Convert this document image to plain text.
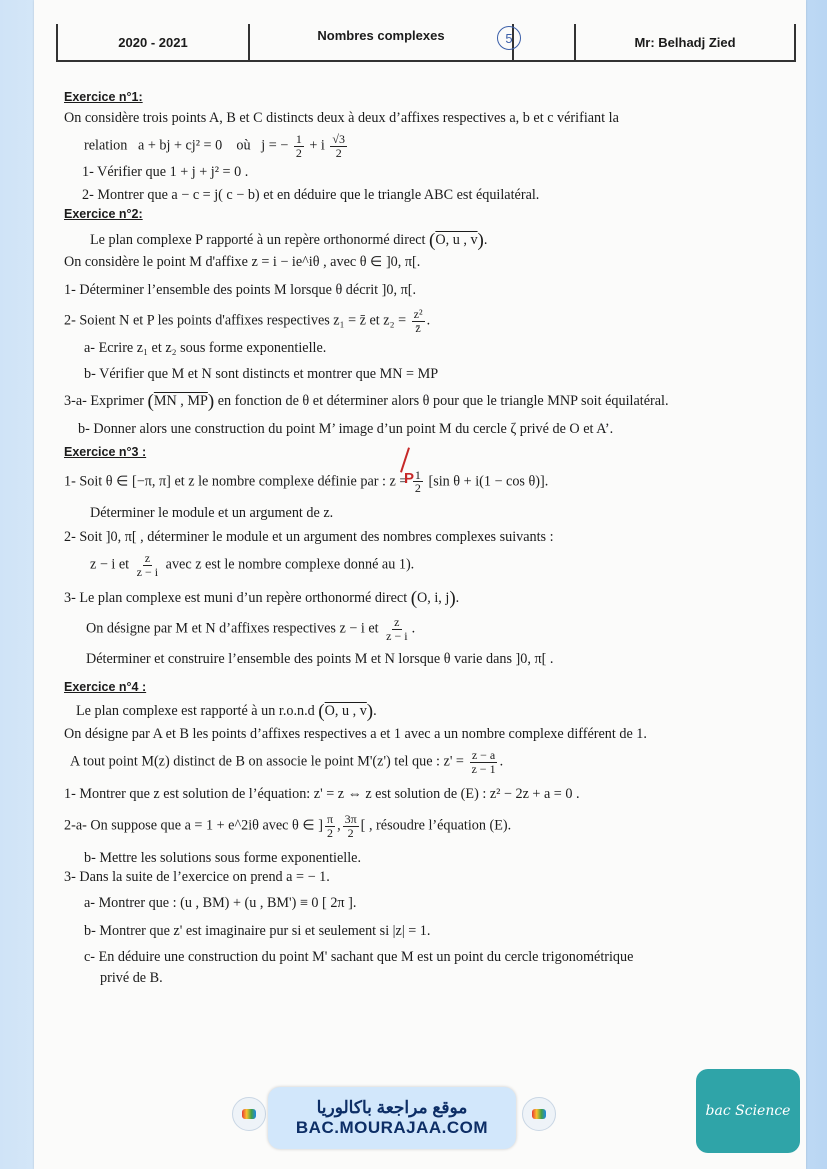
2020 - 2021	Nombres complexes	Mr: Belhadj Zied
5

Exercice n°1:

On considère trois points A, B et C distincts deux à deux d’affixes respectives a, b et c vérifiant la

relation a + bj + cj² = 0 où j = − $\frac{1}{2} + i \frac{√3}{2}$

1- Vérifier que 1 + j + j² = 0 .

2- Montrer que a − c = j( c − b) et en déduire que le triangle ABC est équilatéral.

Exercice n°2:

Le plan complexe P rapporté à un repère orthonormé direct (O, u , v).

On considère le point M d'affixe z = i − ie^iθ , avec θ ∈ ]0, π[.

1- Déterminer l’ensemble des points M lorsque θ décrit ]0, π[.

2- Soient N et P les points d'affixes respectives z₁ = z̄ et $z_2 = \frac{\text{z²}}{z̄}$ .

a- Ecrire z₁ et z₂ sous forme exponentielle.

b- Vérifier que M et N sont distincts et montrer que MN = MP

3-a- Exprimer (MN , MP) en fonction de θ et déterminer alors θ pour que le triangle MNP soit équilatéral.

b- Donner alors une construction du point M’ image d’un point M du cercle ζ privé de O et A’.

Exercice n°3 :

1- Soit θ ∈ [−π, π] et z le nombre complexe définie par : $z = \frac{1}{2} [\sin$ θ + i(1 − cos θ)].

Déterminer le module et un argument de z.

2- Soit ]0, π[ , déterminer le module et un argument des nombres complexes suivants :

z − i et $\frac{z}{z - i}$ avec z est le nombre complexe donné au 1).

3- Le plan complexe est muni d’un repère orthonormé direct (O, i, j).

On désigne par M et N d’affixes respectives z − i et $\frac{z}{z - i}$ .

Déterminer et construire l’ensemble des points M et N lorsque θ varie dans ]0, π[ .

Exercice n°4 :

Le plan complexe est rapporté à un r.o.n.d (O, u , v).

On désigne par A et B les points d’affixes respectives a et 1 avec a un nombre complexe différent de 1.

A tout point M(z) distinct de B on associe le point M'(z') tel que : $z' = \frac{z - a}{z - 1}$ .

1- Montrer que z est solution de l’équation: z' = z ⇔ z est solution de (E) : z² − 2z + a = 0 .

2-a- On suppose que a = 1 + e^2iθ avec θ ∈ ] $\frac{\pi}{2}$ , $\frac{3\pi}{2}$ [ , résoudre l’équation (E).

b- Mettre les solutions sous forme exponentielle.

3- Dans la suite de l’exercice on prend a = − 1.

a- Montrer que : (u , BM) + (u , BM') ≡ 0 [ 2π ].

b- Montrer que z' est imaginaire pur si et seulement si |z| = 1.

c- En déduire une construction du point M' sachant que M est un point du cercle trigonométrique

privé de B.

P
موقع مراجعة باكالوريا
BAC.MOURAJAA.COM
bac Science
